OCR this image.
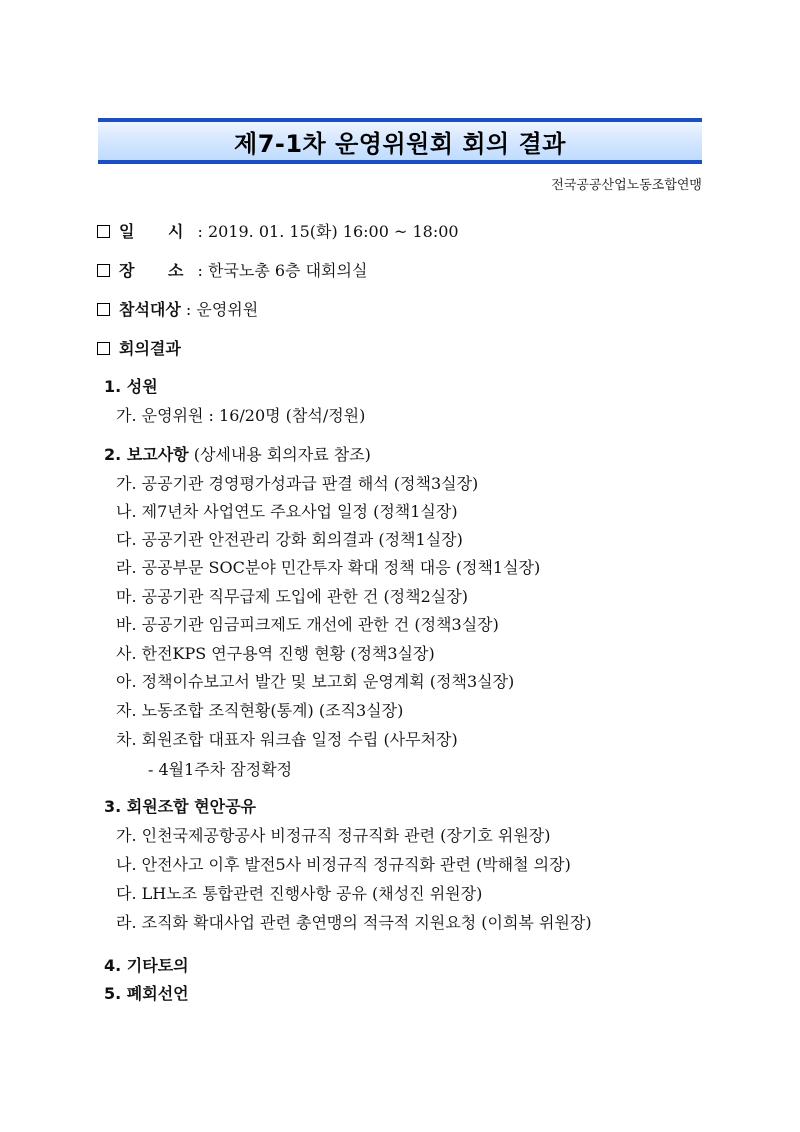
제7-1차 운영위원회 회의 결과
전국공공산업노동조합연맹
일 시: 2019. 01. 15(화) 16:00 ~ 18:00
장 소: 한국노총 6층 대회의실
참석대상 : 운영위원
회의결과
1. 성원
가. 운영위원 : 16/20명 (참석/정원)
2. 보고사항 (상세내용 회의자료 참조)
가. 공공기관 경영평가성과급 판결 해석 (정책3실장)
나. 제7년차 사업연도 주요사업 일정 (정책1실장)
다. 공공기관 안전관리 강화 회의결과 (정책1실장)
라. 공공부문 SOC분야 민간투자 확대 정책 대응 (정책1실장)
마. 공공기관 직무급제 도입에 관한 건 (정책2실장)
바. 공공기관 임금피크제도 개선에 관한 건 (정책3실장)
사. 한전KPS 연구용역 진행 현황 (정책3실장)
아. 정책이슈보고서 발간 및 보고회 운영계획 (정책3실장)
자. 노동조합 조직현황(통계) (조직3실장)
차. 회원조합 대표자 워크숍 일정 수립 (사무처장)
- 4월1주차 잠정확정
3. 회원조합 현안공유
가. 인천국제공항공사 비정규직 정규직화 관련 (장기호 위원장)
나. 안전사고 이후 발전5사 비정규직 정규직화 관련 (박해철 의장)
다. LH노조 통합관련 진행사항 공유 (채성진 위원장)
라. 조직화 확대사업 관련 총연맹의 적극적 지원요청 (이희복 위원장)
4. 기타토의
5. 폐회선언
